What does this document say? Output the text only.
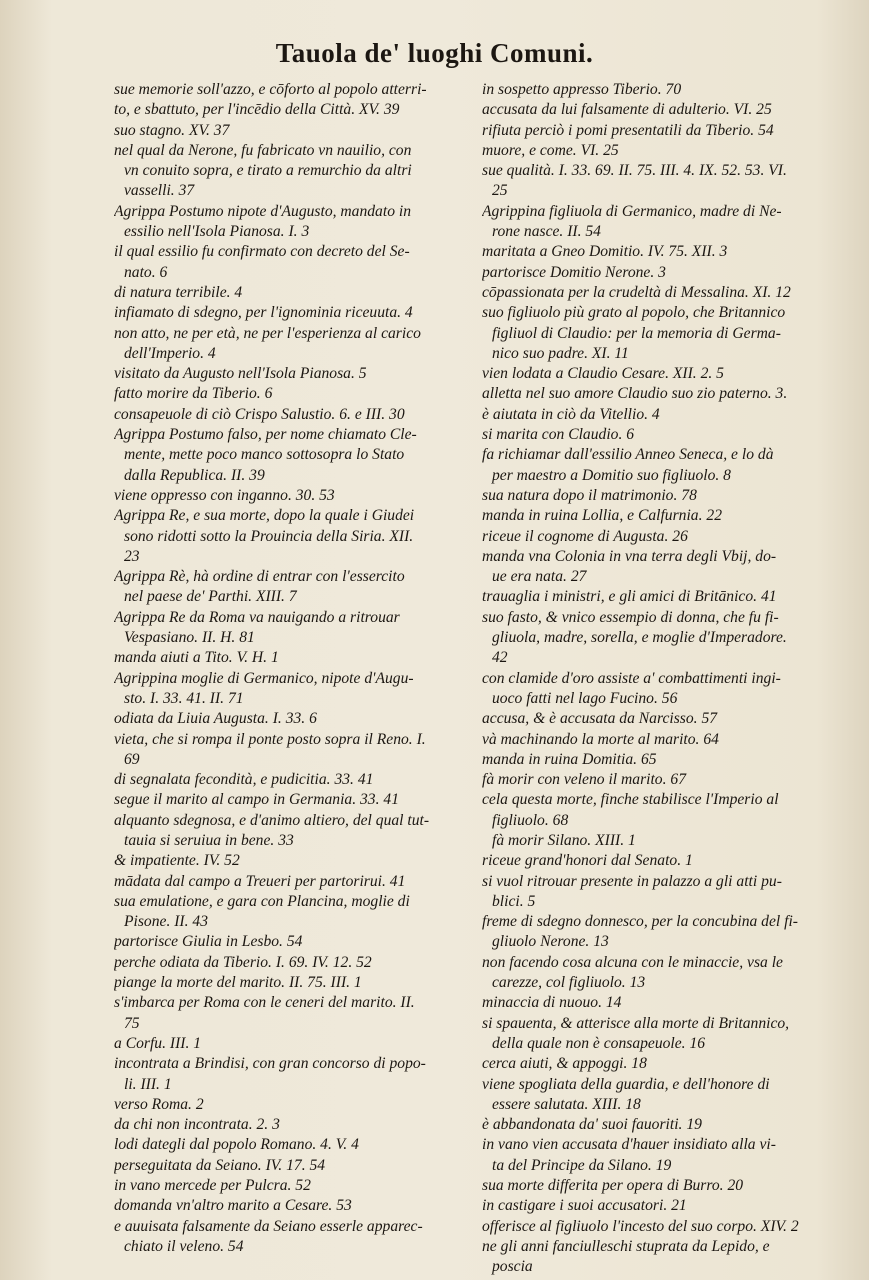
Tauola de' luoghi Comuni.
sue memorie soll'azzo, e cōforto al popolo atterri-
to, e sbattuto, per l'incēdio della Città. XV. 39
suo stagno. XV. 37
nel qual da Nerone, fu fabricato vn nauilio, con
vn conuito sopra, e tirato a remurchio da altri
vasselli. 37
Agrippa Postumo nipote d'Augusto, mandato in
essilio nell'Isola Pianosa. I. 3
il qual essilio fu confirmato con decreto del Se-
nato. 6
di natura terribile. 4
infiamato di sdegno, per l'ignominia riceuuta. 4
non atto, ne per età, ne per l'esperienza al carico
dell'Imperio. 4
visitato da Augusto nell'Isola Pianosa. 5
fatto morire da Tiberio. 6
consapeuole di ciò Crispo Salustio. 6. e III. 30
Agrippa Postumo falso, per nome chiamato Cle-
mente, mette poco manco sottosopra lo Stato
dalla Republica. II. 39
viene oppresso con inganno. 30. 53
Agrippa Re, e sua morte, dopo la quale i Giudei
sono ridotti sotto la Prouincia della Siria. XII.
23
Agrippa Rè, hà ordine di entrar con l'essercito
nel paese de' Parthi. XIII. 7
Agrippa Re da Roma va nauigando a ritrouar
Vespasiano. II. H. 81
manda aiuti a Tito. V. H. 1
Agrippina moglie di Germanico, nipote d'Augu-
sto. I. 33. 41. II. 71
odiata da Liuia Augusta. I. 33. 6
vieta, che si rompa il ponte posto sopra il Reno. I.
69
di segnalata fecondità, e pudicitia. 33. 41
segue il marito al campo in Germania. 33. 41
alquanto sdegnosa, e d'animo altiero, del qual tut-
tauia si seruiua in bene. 33
& impatiente. IV. 52
mādata dal campo a Treueri per partorirui. 41
sua emulatione, e gara con Plancina, moglie di
Pisone. II. 43
partorisce Giulia in Lesbo. 54
perche odiata da Tiberio. I. 69. IV. 12. 52
piange la morte del marito. II. 75. III. 1
s'imbarca per Roma con le ceneri del marito. II.
75
a Corfu. III. 1
incontrata a Brindisi, con gran concorso di popo-
li. III. 1
verso Roma. 2
da chi non incontrata. 2. 3
lodi dategli dal popolo Romano. 4. V. 4
perseguitata da Seiano. IV. 17. 54
in vano mercede per Pulcra. 52
domanda vn'altro marito a Cesare. 53
e auuisata falsamente da Seiano esserle apparec-
chiato il veleno. 54
in sospetto appresso Tiberio. 70
accusata da lui falsamente di adulterio. VI. 25
rifiuta perciò i pomi presentatili da Tiberio. 54
muore, e come. VI. 25
sue qualità. I. 33. 69. II. 75. III. 4. IX. 52. 53. VI.
25
Agrippina figliuola di Germanico, madre di Ne-
rone nasce. II. 54
maritata a Gneo Domitio. IV. 75. XII. 3
partorisce Domitio Nerone. 3
cōpassionata per la crudeltà di Messalina. XI. 12
suo figliuolo più grato al popolo, che Britannico
figliuol di Claudio: per la memoria di Germa-
nico suo padre. XI. 11
vien lodata a Claudio Cesare. XII. 2. 5
alletta nel suo amore Claudio suo zio paterno. 3.
è aiutata in ciò da Vitellio. 4
si marita con Claudio. 6
fa richiamar dall'essilio Anneo Seneca, e lo dà
per maestro a Domitio suo figliuolo. 8
sua natura dopo il matrimonio. 78
manda in ruina Lollia, e Calfurnia. 22
riceue il cognome di Augusta. 26
manda vna Colonia in vna terra degli Vbij, do-
ue era nata. 27
trauaglia i ministri, e gli amici di Britānico. 41
suo fasto, & vnico essempio di donna, che fu fi-
gliuola, madre, sorella, e moglie d'Imperadore.
42
con clamide d'oro assiste a' combattimenti ingi-
uoco fatti nel lago Fucino. 56
accusa, & è accusata da Narcisso. 57
và machinando la morte al marito. 64
manda in ruina Domitia. 65
fà morir con veleno il marito. 67
cela questa morte, finche stabilisce l'Imperio al
figliuolo. 68
fà morir Silano. XIII. 1
riceue grand'honori dal Senato. 1
si vuol ritrouar presente in palazzo a gli atti pu-
blici. 5
freme di sdegno donnesco, per la concubina del fi-
gliuolo Nerone. 13
non facendo cosa alcuna con le minaccie, vsa le
carezze, col figliuolo. 13
minaccia di nuouo. 14
si spauenta, & atterisce alla morte di Britannico,
della quale non è consapeuole. 16
cerca aiuti, & appoggi. 18
viene spogliata della guardia, e dell'honore di
essere salutata. XIII. 18
è abbandonata da' suoi fauoriti. 19
in vano vien accusata d'hauer insidiato alla vi-
ta del Principe da Silano. 19
sua morte differita per opera di Burro. 20
in castigare i suoi accusatori. 21
offerisce al figliuolo l'incesto del suo corpo. XIV. 2
ne gli anni fanciulleschi stuprata da Lepido, e
poscia
